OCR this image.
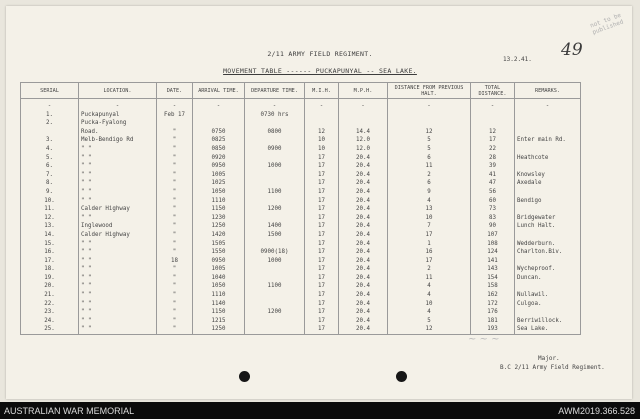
not to be published
49
2/11 ARMY FIELD REGIMENT.
13.2.41.
MOVEMENT TABLE ------ PUCKAPUNYAL -- SEA LAKE.
SERIAL	LOCATION.	DATE.	ARRIVAL TIME.	DEPARTURE TIME.	M.I.H.	M.P.H.	DISTANCE FROM PREVIOUS HALT.	TOTAL DISTANCE.	REMARKS.
-	-	-	-	-	-	-	-	-	-
1.	Puckapunyal	Feb 17		0730 hrs					
2.	Pucka-Fyalong								
	Road.	"	0750	0800	12	14.4	12	12	
3.	Melb-Bendigo Rd	"	0825		10	12.0	5	17	Enter main Rd.
4.	" "	"	0850	0900	10	12.0	5	22	
5.	" "	"	0920		17	20.4	6	28	Heathcote
6.	" "	"	0950	1000	17	20.4	11	39	
7.	" "	"	1005		17	20.4	2	41	Knowsley
8.	" "	"	1025		17	20.4	6	47	Axedale
9.	" "	"	1050	1100	17	20.4	9	56	
10.	" "	"	1110		17	20.4	4	60	Bendigo
11.	Calder Highway	"	1150	1200	17	20.4	13	73	
12.	" "	"	1230		17	20.4	10	83	Bridgewater
13.	Inglewood	"	1250	1400	17	20.4	7	90	Lunch Halt.
14.	Calder Highway	"	1420	1500	17	20.4	17	107	
15.	" "	"	1505		17	20.4	1	108	Wedderburn.
16.	" "	"	1550	0900(18)	17	20.4	16	124	Charlton.Biv.
17.	" "	18	0950	1000	17	20.4	17	141	
18.	" "	"	1005		17	20.4	2	143	Wycheproof.
19.	" "	"	1040		17	20.4	11	154	Duncan.
20.	" "	"	1050	1100	17	20.4	4	158	
21.	" "	"	1110		17	20.4	4	162	Nullawil.
22.	" "	"	1140		17	20.4	10	172	Culgoa.
23.	" "	"	1150	1200	17	20.4	4	176	
24.	" "	"	1215		17	20.4	5	181	Berriwillock.
25.	" "	"	1250		17	20.4	12	193	Sea Lake.
~ ~ ~
Major.
B.C 2/11 Army Field Regiment.
AUSTRALIAN WAR MEMORIAL	AWM2019.366.528
